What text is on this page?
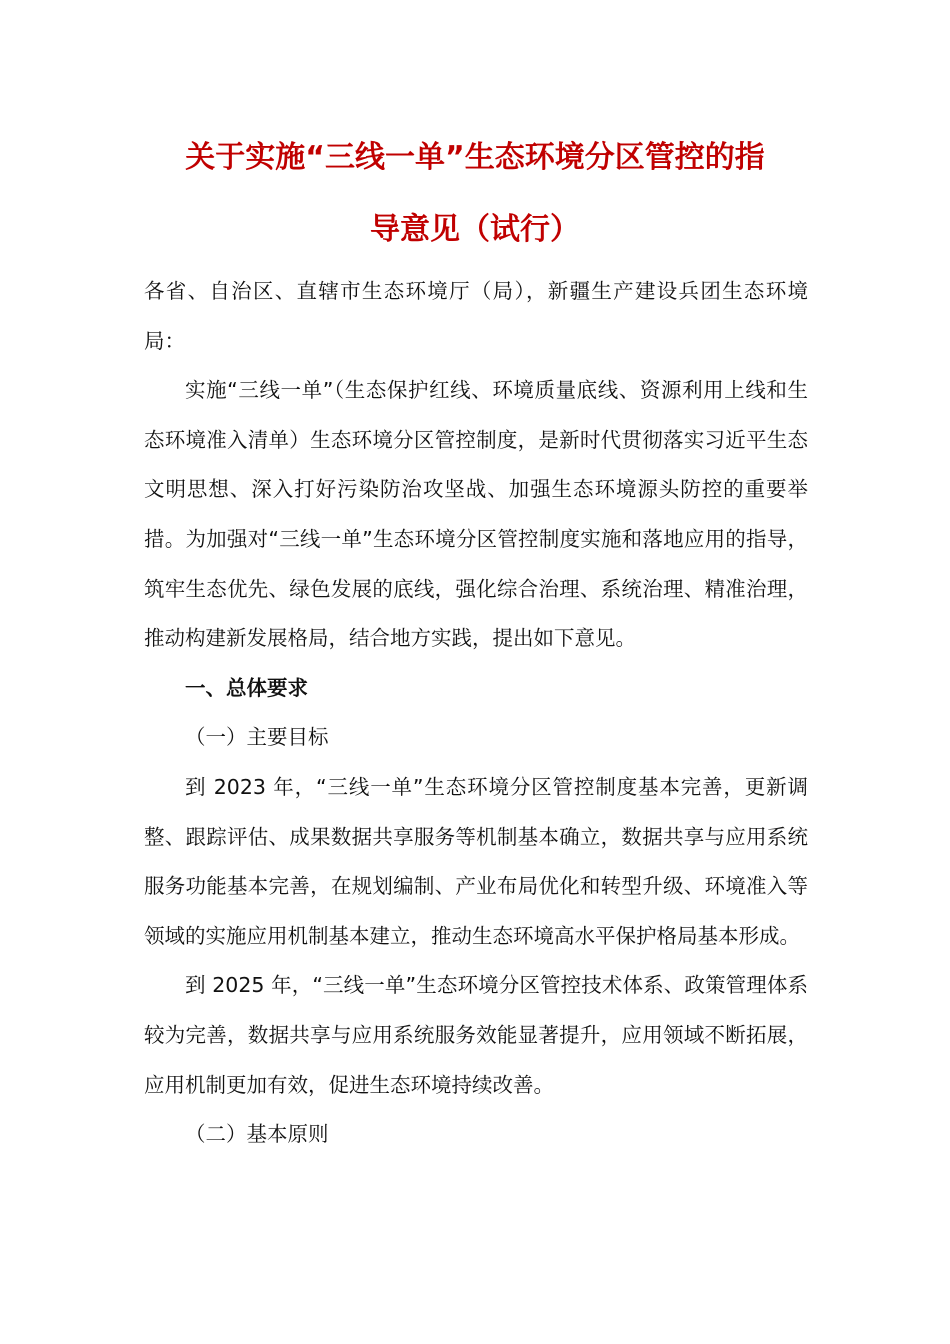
关于实施“三线一单”生态环境分区管控的指
导意见（试行）

各省、自治区、直辖市生态环境厅（局），新疆生产建设兵团生态环境局：

实施“三线一单”（生态保护红线、环境质量底线、资源利用上线和生态环境准入清单）生态环境分区管控制度，是新时代贯彻落实习近平生态文明思想、深入打好污染防治攻坚战、加强生态环境源头防控的重要举措。为加强对“三线一单”生态环境分区管控制度实施和落地应用的指导，筑牢生态优先、绿色发展的底线，强化综合治理、系统治理、精准治理，推动构建新发展格局，结合地方实践，提出如下意见。

一、总体要求

（一）主要目标

到 2023 年，“三线一单”生态环境分区管控制度基本完善，更新调整、跟踪评估、成果数据共享服务等机制基本确立，数据共享与应用系统服务功能基本完善，在规划编制、产业布局优化和转型升级、环境准入等领域的实施应用机制基本建立，推动生态环境高水平保护格局基本形成。

到 2025 年，“三线一单”生态环境分区管控技术体系、政策管理体系较为完善，数据共享与应用系统服务效能显著提升，应用领域不断拓展，应用机制更加有效，促进生态环境持续改善。

（二）基本原则
